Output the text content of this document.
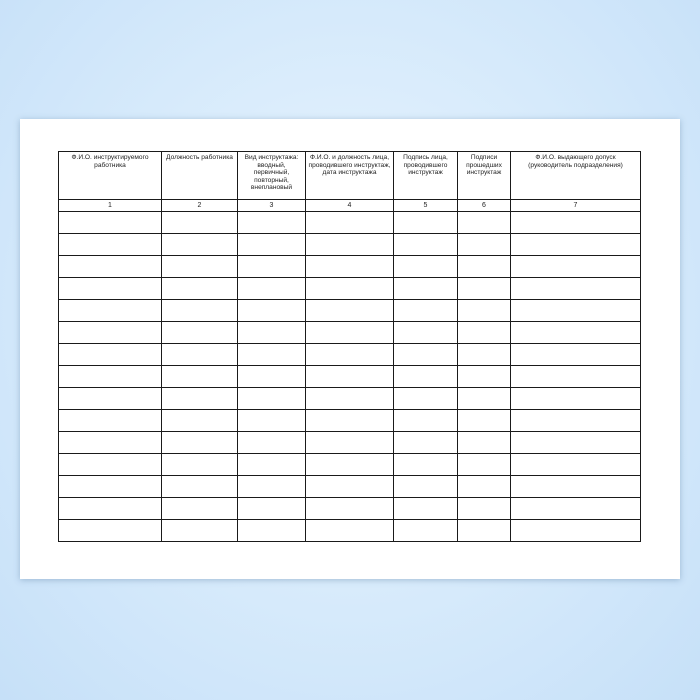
Ф.И.О. инструктируемого работника	Должность работника	Вид инструктажа: вводный, первичный, повторный, внеплановый	Ф.И.О. и должность лица, проводившего инструктаж, дата инструктажа	Подпись лица, проводившего инструктаж	Подписи прошедших инструктаж	Ф.И.О. выдающего допуск (руководитель подразделения)

1	2	3	4	5	6	7
